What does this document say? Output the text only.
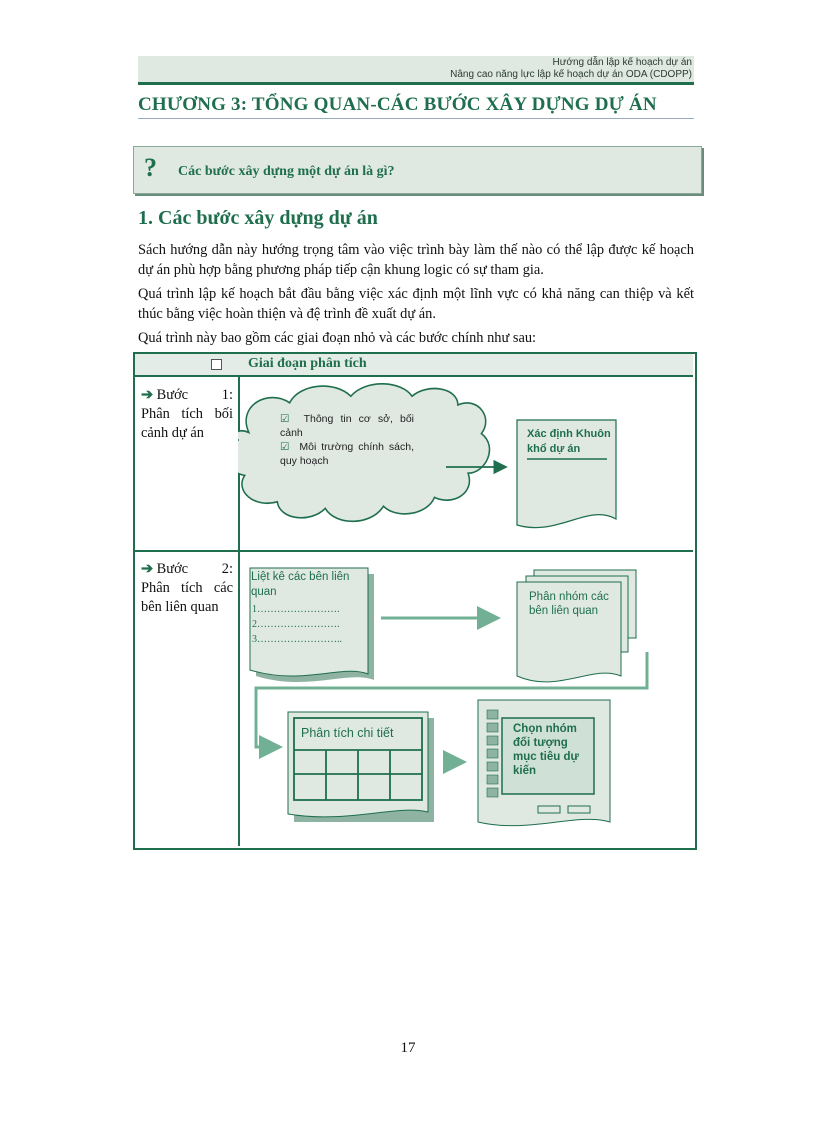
Hướng dẫn lập kế hoạch dự án
Nâng cao năng lực lập kế hoạch dự án ODA (CDOPP)
CHƯƠNG 3: TỔNG QUAN-CÁC BƯỚC XÂY DỰNG DỰ ÁN
? Các bước xây dựng một dự án là gì?
1. Các bước xây dựng dự án
Sách hướng dẫn này hướng trọng tâm vào việc trình bày làm thế nào có thể lập được kế hoạch dự án phù hợp bằng phương pháp tiếp cận khung logic có sự tham gia.
Quá trình lập kế hoạch bắt đầu bằng việc xác định một lĩnh vực có khả năng can thiệp và kết thúc bằng việc hoàn thiện và đệ trình đề xuất dự án.
Quá trình này bao gồm các giai đoạn nhỏ và các bước chính như sau:
Giai đoạn phân tích
➔ Bước 1:
Phân tích bối cảnh dự án
➔ Bước 2:
Phân tích các bên liên quan
☑ Thông tin cơ sở, bối cảnh
☑ Môi trường chính sách, quy hoạch
Xác định Khuôn khổ dự án
Liệt kê các bên liên quan
1…………………….
2…………………….
3……………………..
Phân nhóm các bên liên quan
Phân tích chi tiết	Chọn nhóm đối tượng mục tiêu dự kiến
17
